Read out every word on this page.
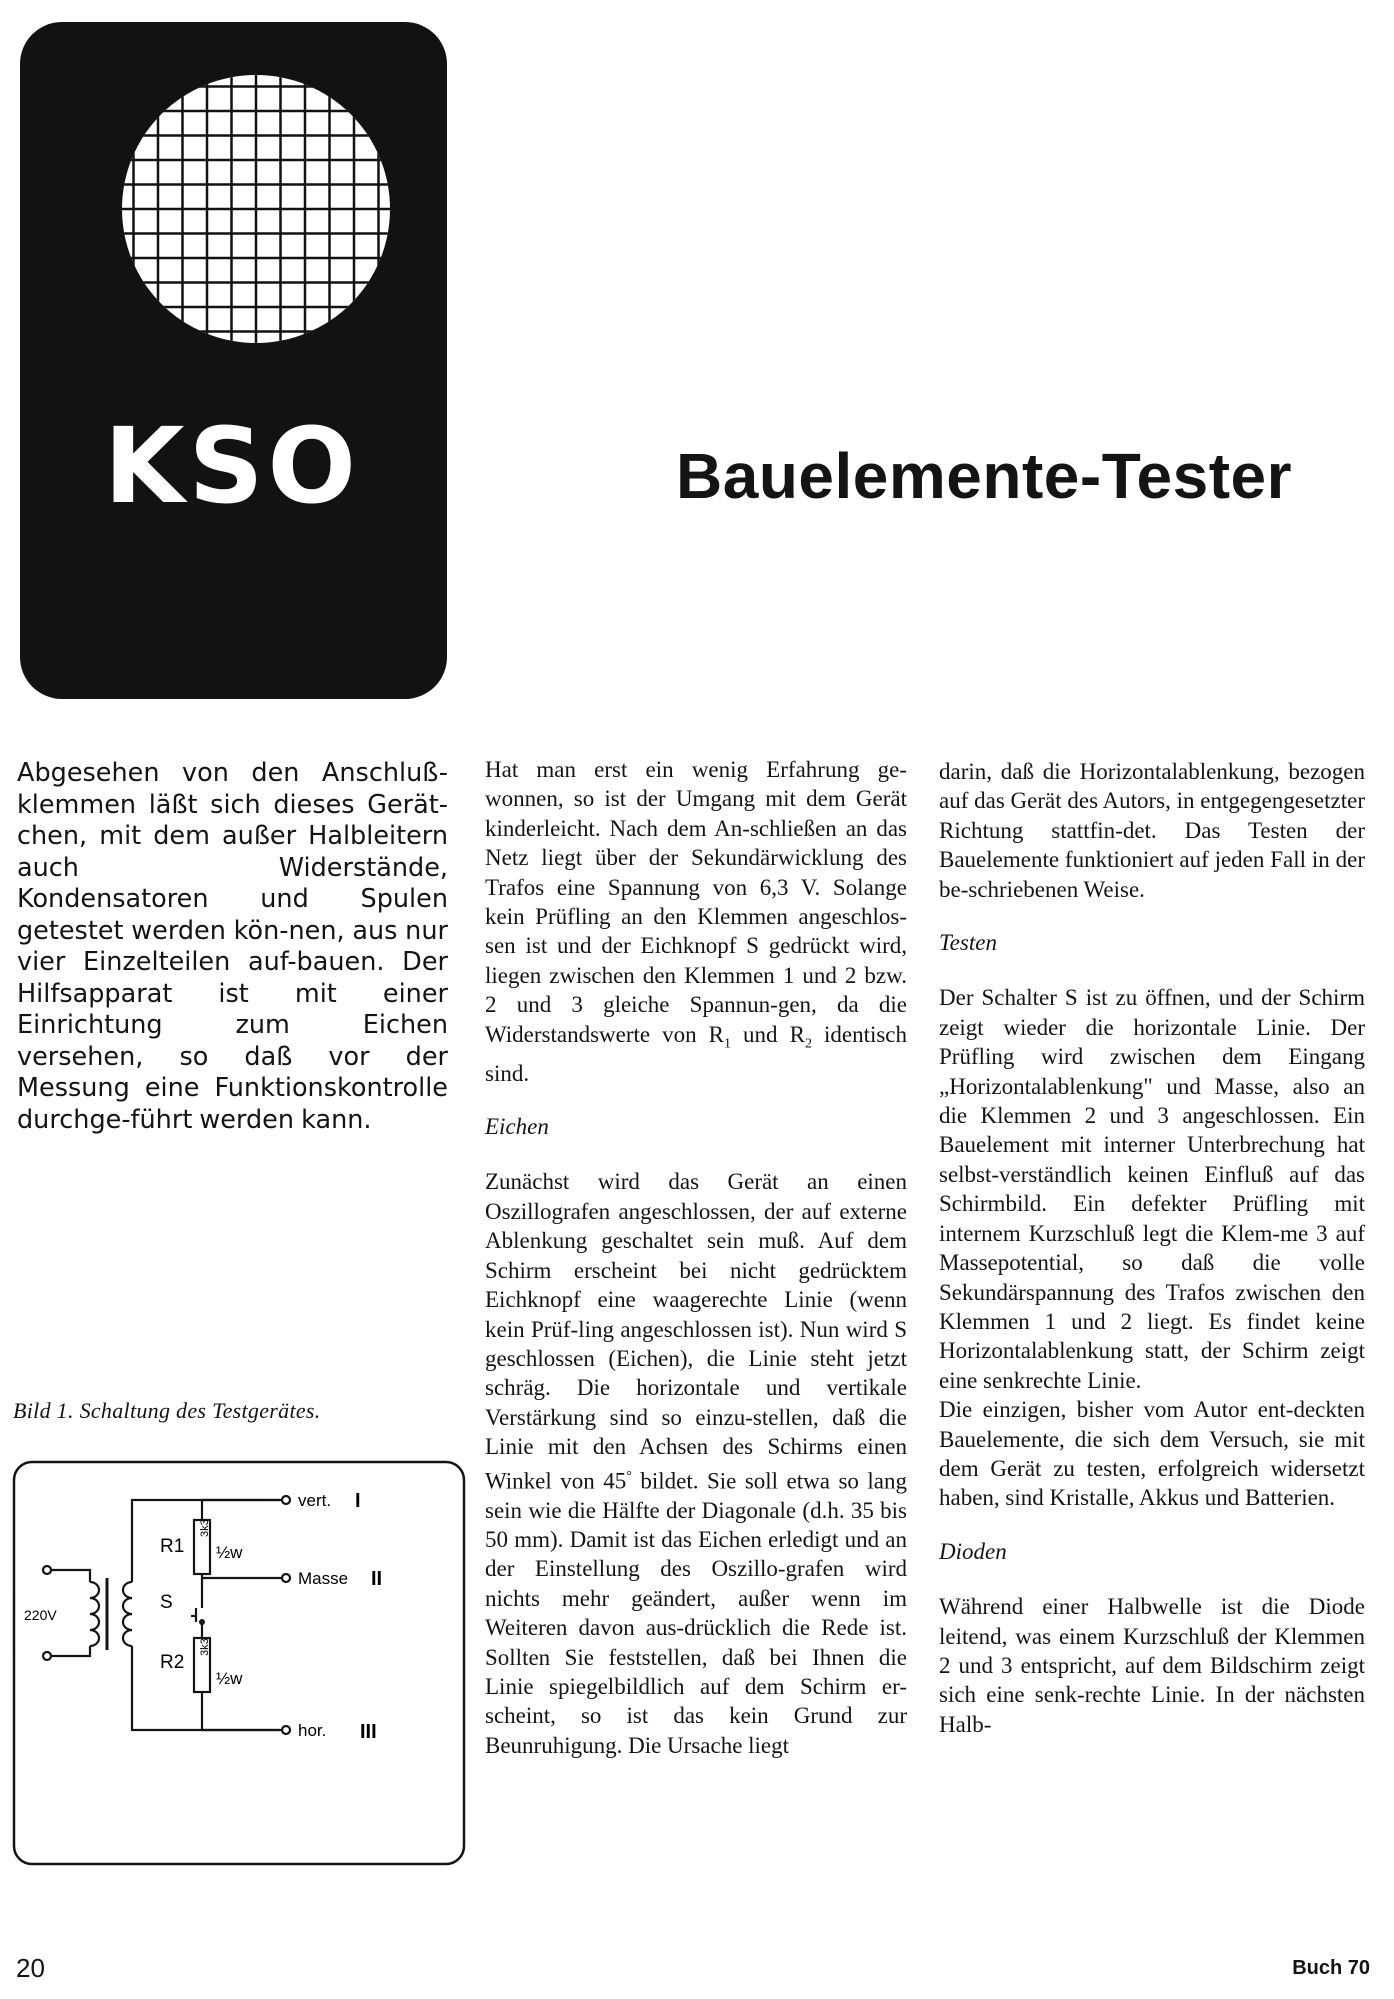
KSO	Bauelemente-Tester
Abgesehen von den Anschluß-klemmen läßt sich dieses Gerät-chen, mit dem außer Halbleitern auch Widerstände, Kondensatoren und Spulen getestet werden kön-nen, aus nur vier Einzelteilen auf-bauen. Der Hilfsapparat ist mit einer Einrichtung zum Eichen versehen, so daß vor der Messung eine Funktionskontrolle durchge-führt werden kann.
Bild 1. Schaltung des Testgerätes.
220V
R1
3k3
½w
S
R2
3k3
½w
vert. I
Masse II
hor. III

Hat man erst ein wenig Erfahrung ge-wonnen, so ist der Umgang mit dem Gerät kinderleicht. Nach dem An-schließen an das Netz liegt über der Sekundärwicklung des Trafos eine Spannung von 6,3 V. Solange kein Prüfling an den Klemmen angeschlos-sen ist und der Eichknopf S gedrückt wird, liegen zwischen den Klemmen 1 und 2 bzw. 2 und 3 gleiche Spannun-gen, da die Widerstandswerte von $R_1$ und $R_2$ identisch sind.

Eichen

Zunächst wird das Gerät an einen Oszillografen angeschlossen, der auf externe Ablenkung geschaltet sein muß. Auf dem Schirm erscheint bei nicht gedrücktem Eichknopf eine waagerechte Linie (wenn kein Prüf-ling angeschlossen ist). Nun wird S geschlossen (Eichen), die Linie steht jetzt schräg. Die horizontale und vertikale Verstärkung sind so einzu-stellen, daß die Linie mit den Achsen des Schirms einen Winkel von 45° bildet. Sie soll etwa so lang sein wie die Hälfte der Diagonale (d.h. 35 bis 50 mm). Damit ist das Eichen erledigt und an der Einstellung des Oszillo-grafen wird nichts mehr geändert, außer wenn im Weiteren davon aus-drücklich die Rede ist. Sollten Sie feststellen, daß bei Ihnen die Linie spiegelbildlich auf dem Schirm er-scheint, so ist das kein Grund zur Beunruhigung. Die Ursache liegt

darin, daß die Horizontalablenkung, bezogen auf das Gerät des Autors, in entgegengesetzter Richtung stattfin-det. Das Testen der Bauelemente funktioniert auf jeden Fall in der be-schriebenen Weise.

Testen

Der Schalter S ist zu öffnen, und der Schirm zeigt wieder die horizontale Linie. Der Prüfling wird zwischen dem Eingang „Horizontalablenkung" und Masse, also an die Klemmen 2 und 3 angeschlossen. Ein Bauelement mit interner Unterbrechung hat selbst-verständlich keinen Einfluß auf das Schirmbild. Ein defekter Prüfling mit internem Kurzschluß legt die Klem-me 3 auf Massepotential, so daß die volle Sekundärspannung des Trafos zwischen den Klemmen 1 und 2 liegt. Es findet keine Horizontalablenkung statt, der Schirm zeigt eine senkrechte Linie.

Die einzigen, bisher vom Autor ent-deckten Bauelemente, die sich dem Versuch, sie mit dem Gerät zu testen, erfolgreich widersetzt haben, sind Kristalle, Akkus und Batterien.

Dioden

Während einer Halbwelle ist die Diode leitend, was einem Kurzschluß der Klemmen 2 und 3 entspricht, auf dem Bildschirm zeigt sich eine senk-rechte Linie. In der nächsten Halb-

20	Buch 70
